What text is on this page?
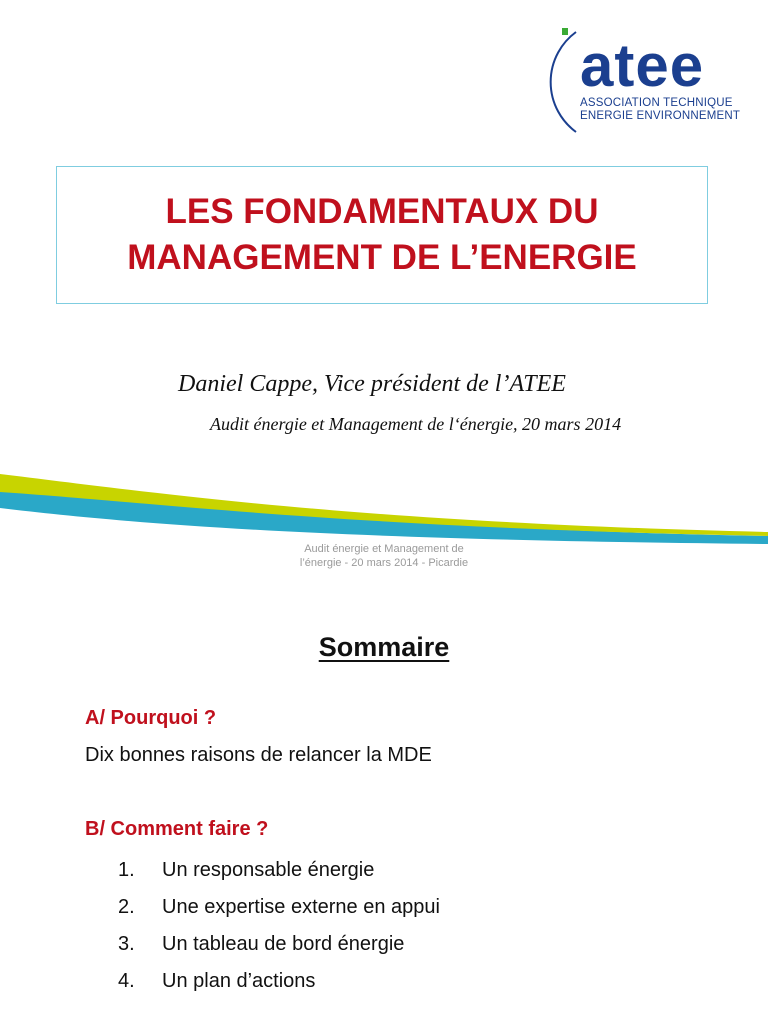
atee
ASSOCIATION TECHNIQUE
ENERGIE ENVIRONNEMENT
LES FONDAMENTAUX DU
MANAGEMENT DE L’ENERGIE
Daniel Cappe, Vice président de l’ATEE
Audit énergie et Management de l‘énergie, 20 mars 2014
Audit énergie et Management de
l’énergie - 20 mars 2014 - Picardie
Sommaire
A/ Pourquoi ?
Dix bonnes raisons de relancer la MDE
B/ Comment faire ?
1.	Un responsable énergie
2.	Une expertise externe en appui
3.	Un tableau de bord énergie
4.	Un plan d’actions
